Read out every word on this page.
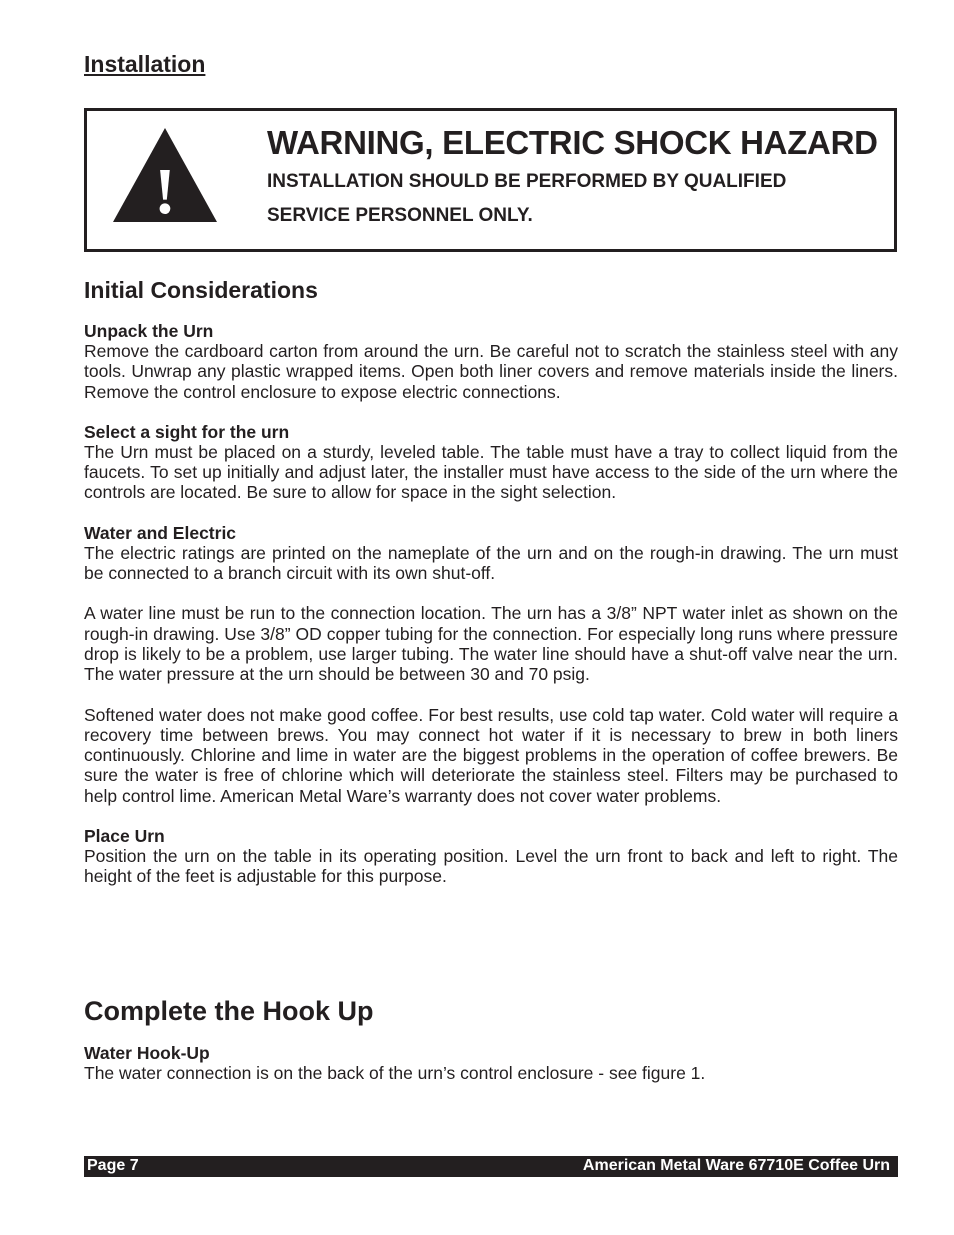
Installation
!
WARNING, ELECTRIC SHOCK HAZARD
INSTALLATION SHOULD BE PERFORMED BY QUALIFIED
SERVICE PERSONNEL ONLY.
Initial Considerations
Unpack the Urn

Remove the cardboard carton from around the urn. Be careful not to scratch the stainless steel with any tools. Unwrap any plastic wrapped items. Open both liner covers and remove materials inside the liners. Remove the control enclosure to expose electric connections.

Select a sight for the urn

The Urn must be placed on a sturdy, leveled table. The table must have a tray to collect liquid from the faucets. To set up initially and adjust later, the installer must have access to the side of the urn where the controls are located. Be sure to allow for space in the sight selection.

Water and Electric

The electric ratings are printed on the nameplate of the urn and on the rough-in drawing. The urn must be connected to a branch circuit with its own shut-off.

A water line must be run to the connection location. The urn has a 3/8” NPT water inlet as shown on the rough-in drawing. Use 3/8” OD copper tubing for the connection. For especially long runs where pressure drop is likely to be a problem, use larger tubing. The water line should have a shut-off valve near the urn. The water pressure at the urn should be between 30 and 70 psig.

Softened water does not make good coffee. For best results, use cold tap water. Cold water will require a recovery time between brews. You may connect hot water if it is necessary to brew in both liners continuously. Chlorine and lime in water are the biggest problems in the operation of coffee brewers. Be sure the water is free of chlorine which will deteriorate the stainless steel. Filters may be purchased to help control lime. American Metal Ware’s warranty does not cover water problems.

Place Urn

Position the urn on the table in its operating position. Level the urn front to back and left to right. The height of the feet is adjustable for this purpose.

Complete the Hook Up
Water Hook-Up

The water connection is on the back of the urn’s control enclosure - see figure 1.

Page 7	American Metal Ware 67710E Coffee Urn
